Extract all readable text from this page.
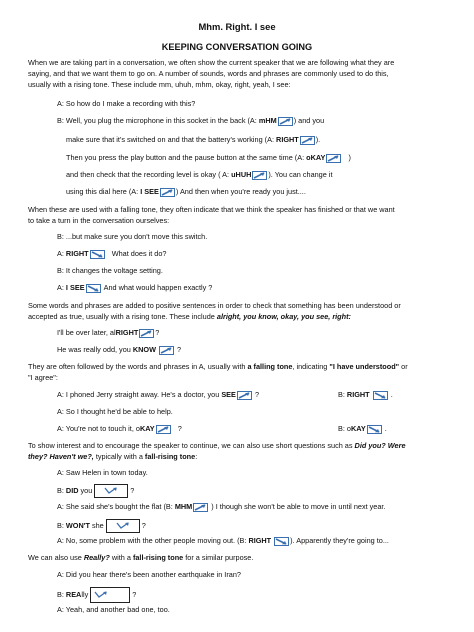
Mhm. Right. I see
KEEPING CONVERSATION GOING
When we are taking part in a conversation, we often show the current speaker that we are following what they are
saying, and that we want them to go on. A number of sounds, words and phrases are commonly used to do this,
usually with a rising tone. These include mm, uhuh, mhm, okay, right, yeah, I see:
A: So how do I make a recording with this?
B: Well, you plug the microphone in this socket in the back (A: mHM ) and you
make sure that it's switched on and that the battery's working (A: RIGHT ).
Then you press the play button and the pause button at the same time (A: oKAY	)
and then check that the recording level is okay ( A: uHUH ). You can change it
using this dial here (A: I SEE ) And then when you're ready you just....
When these are used with a falling tone, they often indicate that we think the speaker has finished or that we want
to take a turn in the conversation ourselves:
B: ...but make sure you don't move this switch.
A: RIGHT	What does it do?
B: It changes the voltage setting.
A: I SEE	And what would happen exactly ?
Some words and phrases are added to positive sentences in order to check that something has been understood or
accepted as true, usually with a rising tone. These include alright, you know, okay, you see, right:
I'll be over later, alRIGHT ?
He was really odd, you KNOW	?
They are often followed by the words and phrases in A, usually with a falling tone, indicating "I have understood" or
"I agree":
A: I phoned Jerry straight away. He's a doctor, you SEE	?	B: RIGHT	.
A: So I thought he'd be able to help.
A: You're not to touch it, oKAY	?	B: oKAY	.
To show interest and to encourage the speaker to continue, we can also use short questions such as Did you? Were
they? Haven't we?, typically with a fall-rising tone:
A: Saw Helen in town today.
B: DID you	?
A: She said she's bought the flat (B: MHM	) I though she won't be able to move in until next year.
B: WON'T she	?
A: No, some problem with the other people moving out. (B: RIGHT	). Apparently they're going to...
We can also use Really? with a fall-rising tone for a similar purpose.
A: Did you hear there's been another earthquake in Iran?
B: REAlly	?
A: Yeah, and another bad one, too.
